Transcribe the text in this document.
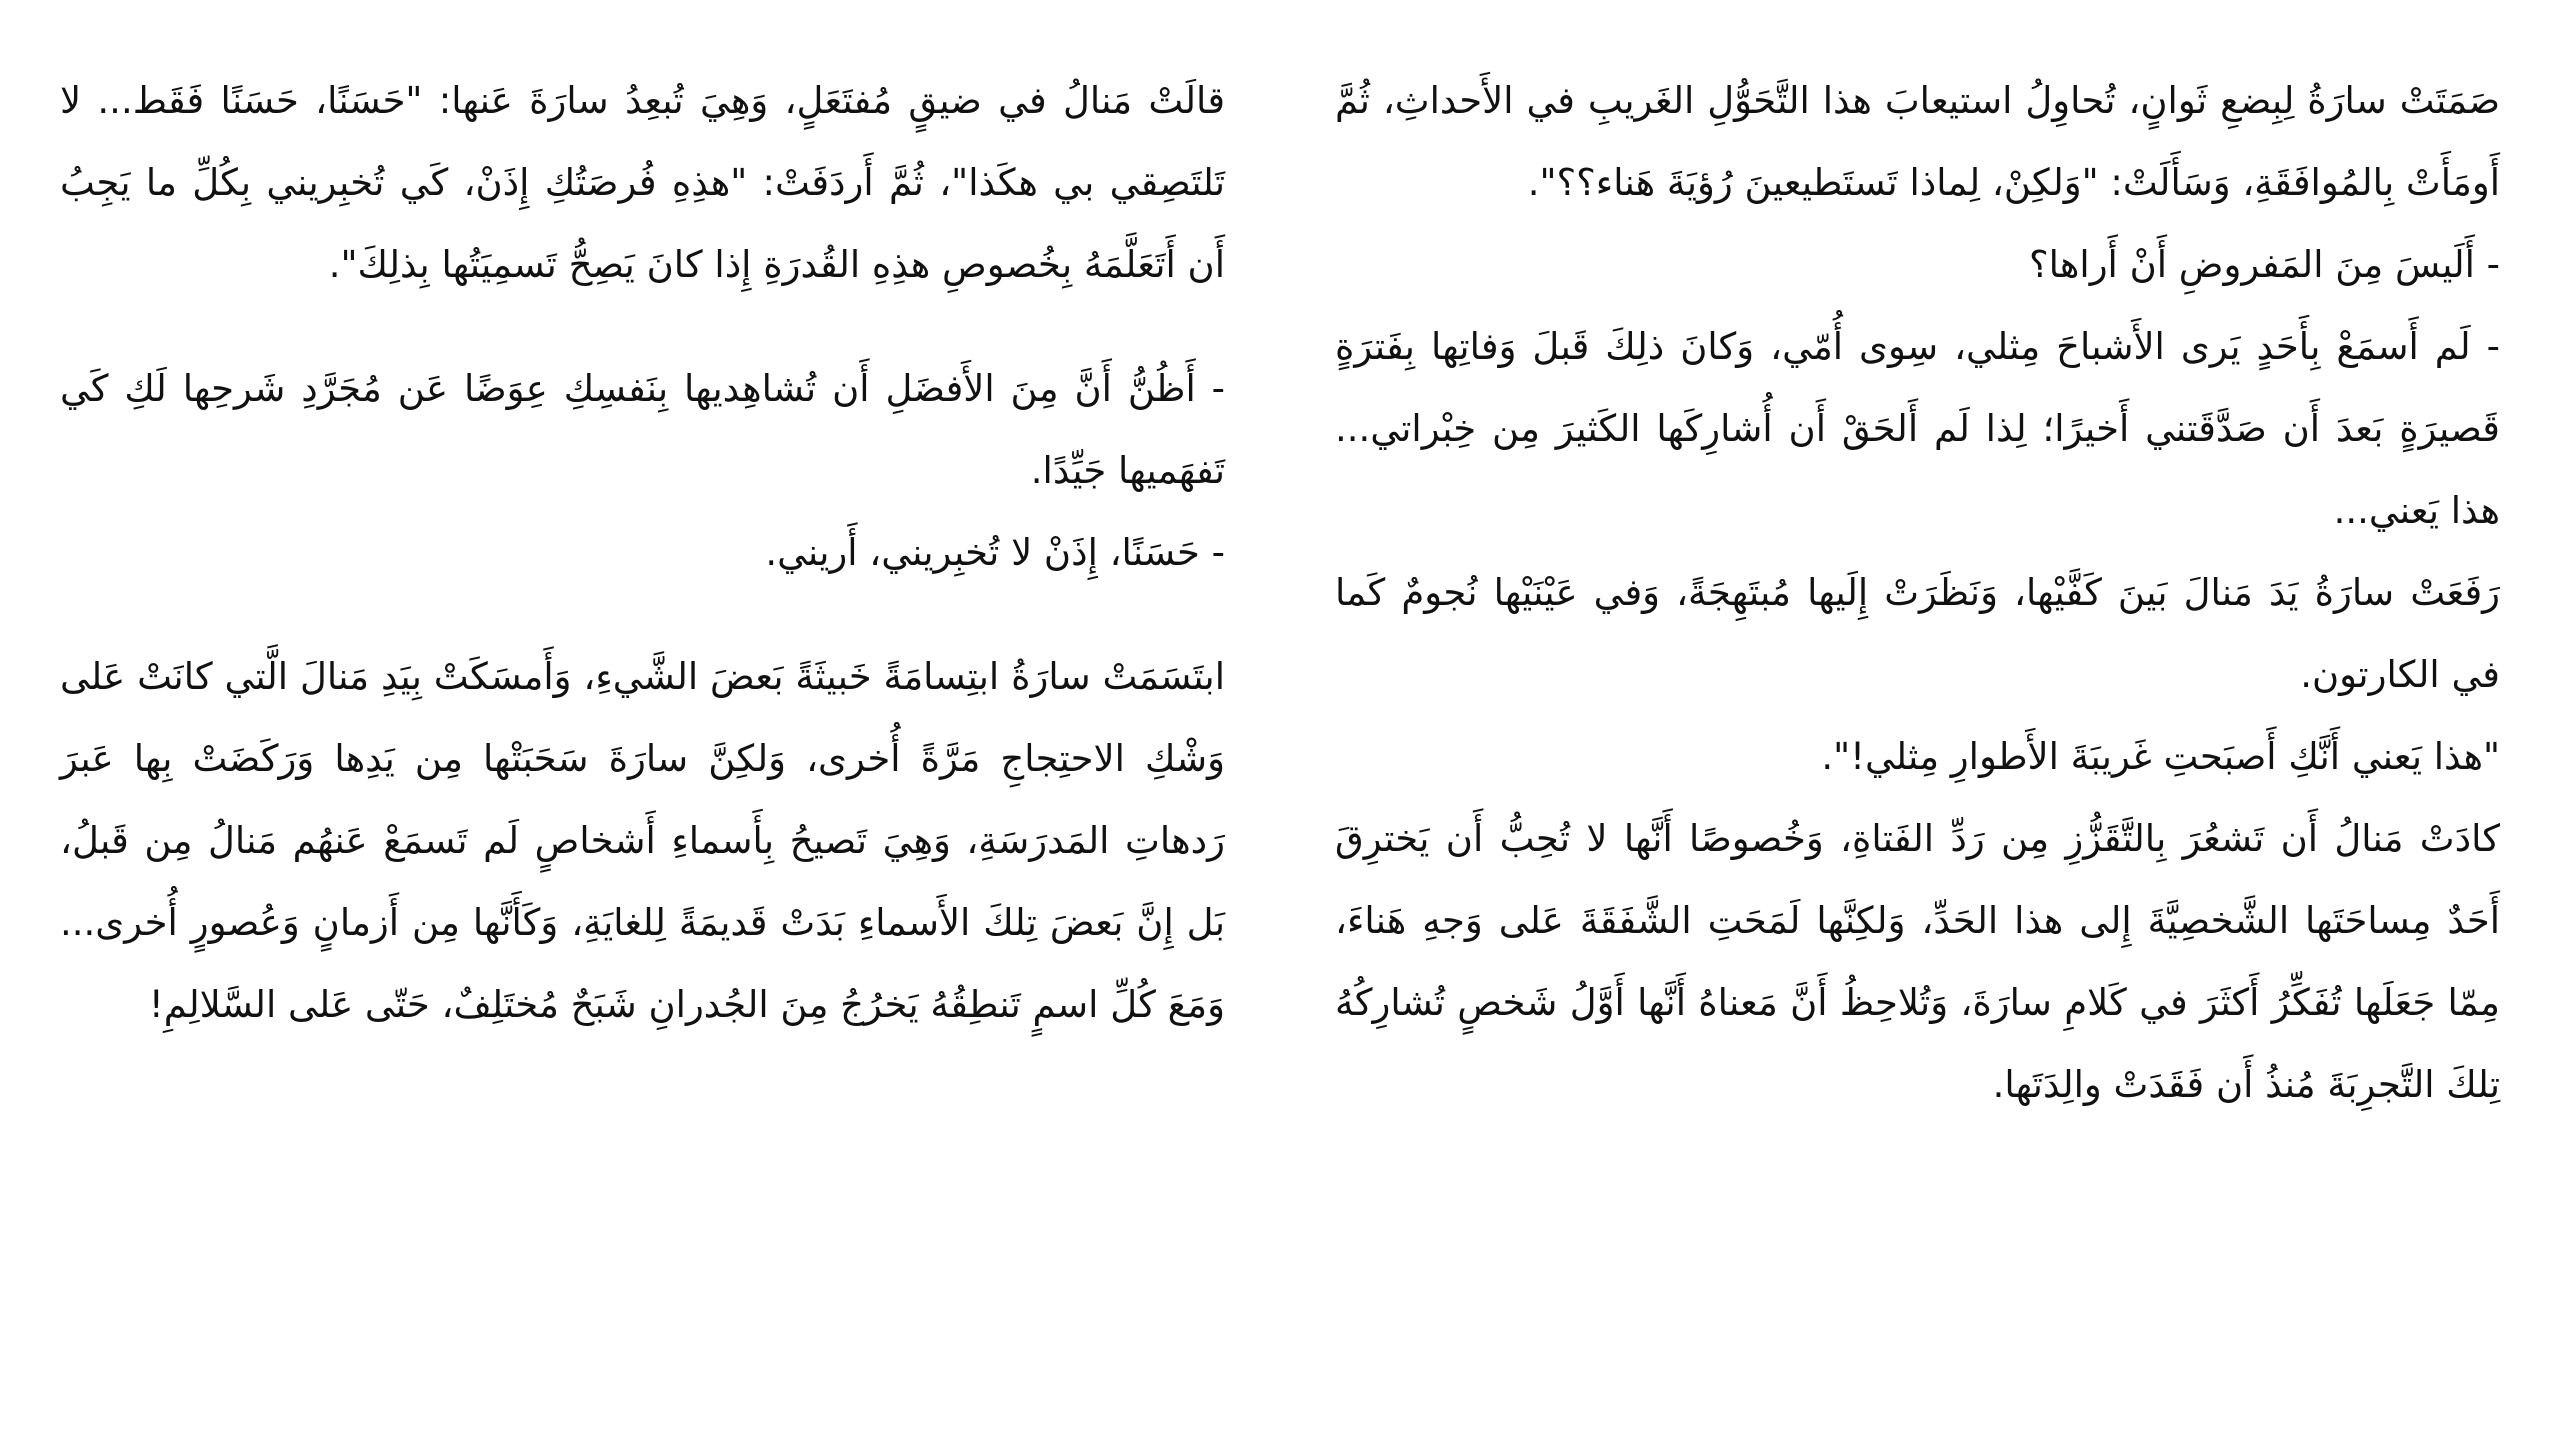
صَمَتَتْ سارَةُ لِبِضعِ ثَوانٍ، تُحاوِلُ استيعابَ هذا التَّحَوُّلِ الغَريبِ في الأَحداثِ، ثُمَّ أَومَأَتْ بِالمُوافَقَةِ، وَسَأَلَتْ: "وَلكِنْ، لِماذا تَستَطيعينَ رُؤيَةَ هَناء؟؟".

- أَلَيسَ مِنَ المَفروضِ أَنْ أَراها؟

- لَم أَسمَعْ بِأَحَدٍ يَرى الأَشباحَ مِثلي، سِوى أُمّي، وَكانَ ذلِكَ قَبلَ وَفاتِها بِفَترَةٍ قَصيرَةٍ بَعدَ أَن صَدَّقَتني أَخيرًا؛ لِذا لَم أَلحَقْ أَن أُشارِكَها الكَثيرَ مِن خِبْراتي... هذا يَعني...

رَفَعَتْ سارَةُ يَدَ مَنالَ بَينَ كَفَّيْها، وَنَظَرَتْ إِلَيها مُبتَهِجَةً، وَفي عَيْنَيْها نُجومٌ كَما في الكارتون.

"هذا يَعني أَنَّكِ أَصبَحتِ غَريبَةَ الأَطوارِ مِثلي!".

كادَتْ مَنالُ أَن تَشعُرَ بِالتَّقَزُّزِ مِن رَدِّ الفَتاةِ، وَخُصوصًا أَنَّها لا تُحِبُّ أَن يَخترِقَ أَحَدٌ مِساحَتَها الشَّخصِيَّةَ إِلى هذا الحَدِّ، وَلكِنَّها لَمَحَتِ الشَّفَقَةَ عَلى وَجهِ هَناءَ، مِمّا جَعَلَها تُفَكِّرُ أَكثَرَ في كَلامِ سارَةَ، وَتُلاحِظُ أَنَّ مَعناهُ أَنَّها أَوَّلُ شَخصٍ تُشارِكُهُ تِلكَ التَّجرِبَةَ مُنذُ أَن فَقَدَتْ والِدَتَها.

قالَتْ مَنالُ في ضيقٍ مُفتَعَلٍ، وَهِيَ تُبعِدُ سارَةَ عَنها: "حَسَنًا، حَسَنًا فَقَط... لا تَلتَصِقي بي هكَذا"، ثُمَّ أَردَفَتْ: "هذِهِ فُرصَتُكِ إِذَنْ، كَي تُخبِريني بِكُلِّ ما يَجِبُ أَن أَتَعَلَّمَهُ بِخُصوصِ هذِهِ القُدرَةِ إِذا كانَ يَصِحُّ تَسمِيَتُها بِذلِكَ".

- أَظُنُّ أَنَّ مِنَ الأَفضَلِ أَن تُشاهِديها بِنَفسِكِ عِوَضًا عَن مُجَرَّدِ شَرحِها لَكِ كَي تَفهَميها جَيِّدًا.

- حَسَنًا، إِذَنْ لا تُخبِريني، أَريني.

ابتَسَمَتْ سارَةُ ابتِسامَةً خَبيثَةً بَعضَ الشَّيءِ، وَأَمسَكَتْ بِيَدِ مَنالَ الَّتي كانَتْ عَلى وَشْكِ الاحتِجاجِ مَرَّةً أُخرى، وَلكِنَّ سارَةَ سَحَبَتْها مِن يَدِها وَرَكَضَتْ بِها عَبرَ رَدهاتِ المَدرَسَةِ، وَهِيَ تَصيحُ بِأَسماءِ أَشخاصٍ لَم تَسمَعْ عَنهُم مَنالُ مِن قَبلُ، بَل إِنَّ بَعضَ تِلكَ الأَسماءِ بَدَتْ قَديمَةً لِلغايَةِ، وَكَأَنَّها مِن أَزمانٍ وَعُصورٍ أُخرى... وَمَعَ كُلِّ اسمٍ تَنطِقُهُ يَخرُجُ مِنَ الجُدرانِ شَبَحٌ مُختَلِفٌ، حَتّى عَلى السَّلالِمِ!
